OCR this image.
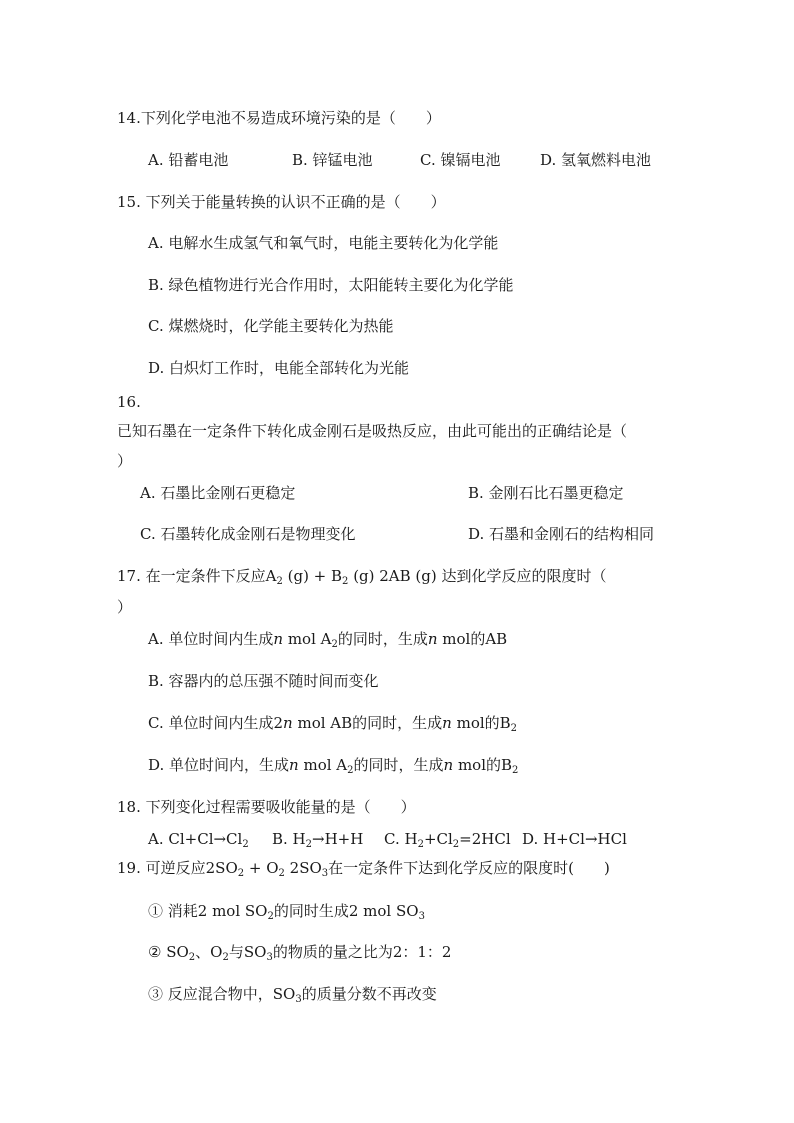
14.下列化学电池不易造成环境污染的是（　　）
A. 铅蓄电池	B. 锌锰电池	C. 镍镉电池	D. 氢氧燃料电池
15. 下列关于能量转换的认识不正确的是（　　）
A. 电解水生成氢气和氧气时，电能主要转化为化学能
B. 绿色植物进行光合作用时，太阳能转主要化为化学能
C. 煤燃烧时，化学能主要转化为热能
D. 白炽灯工作时，电能全部转化为光能
16.
已知石墨在一定条件下转化成金刚石是吸热反应，由此可能出的正确结论是（
）
A. 石墨比金刚石更稳定	B. 金刚石比石墨更稳定
C. 石墨转化成金刚石是物理变化	D. 石墨和金刚石的结构相同
17. 在一定条件下反应$A_2$ $(g) + B_2$ (g) 2AB (g) 达到化学反应的限度时（
）
A. 单位时间内生成n mol $A_2$的同时，生成n mol的AB
B. 容器内的总压强不随时间而变化
C. 单位时间内生成2n mol AB的同时，生成n mol的$B_2$
D. 单位时间内，生成n mol $A_2$的同时，生成n mol的$B_2$
18. 下列变化过程需要吸收能量的是（　　）
A. $Cl+Cl\to Cl_2$ B. $H_2\to H+H$ C. $H_2+Cl_2=2HCl$ D. H+Cl→HCl
19. 可逆反应$2SO_2 + O_2$ $2SO_3$在一定条件下达到化学反应的限度时(　　)
① 消耗2 mol $SO_2$的同时生成2 mol $SO_3$
② $SO_2$、$O_2$与$SO_3$的物质的量之比为2：1：2
③ 反应混合物中，$SO_3$的质量分数不再改变
